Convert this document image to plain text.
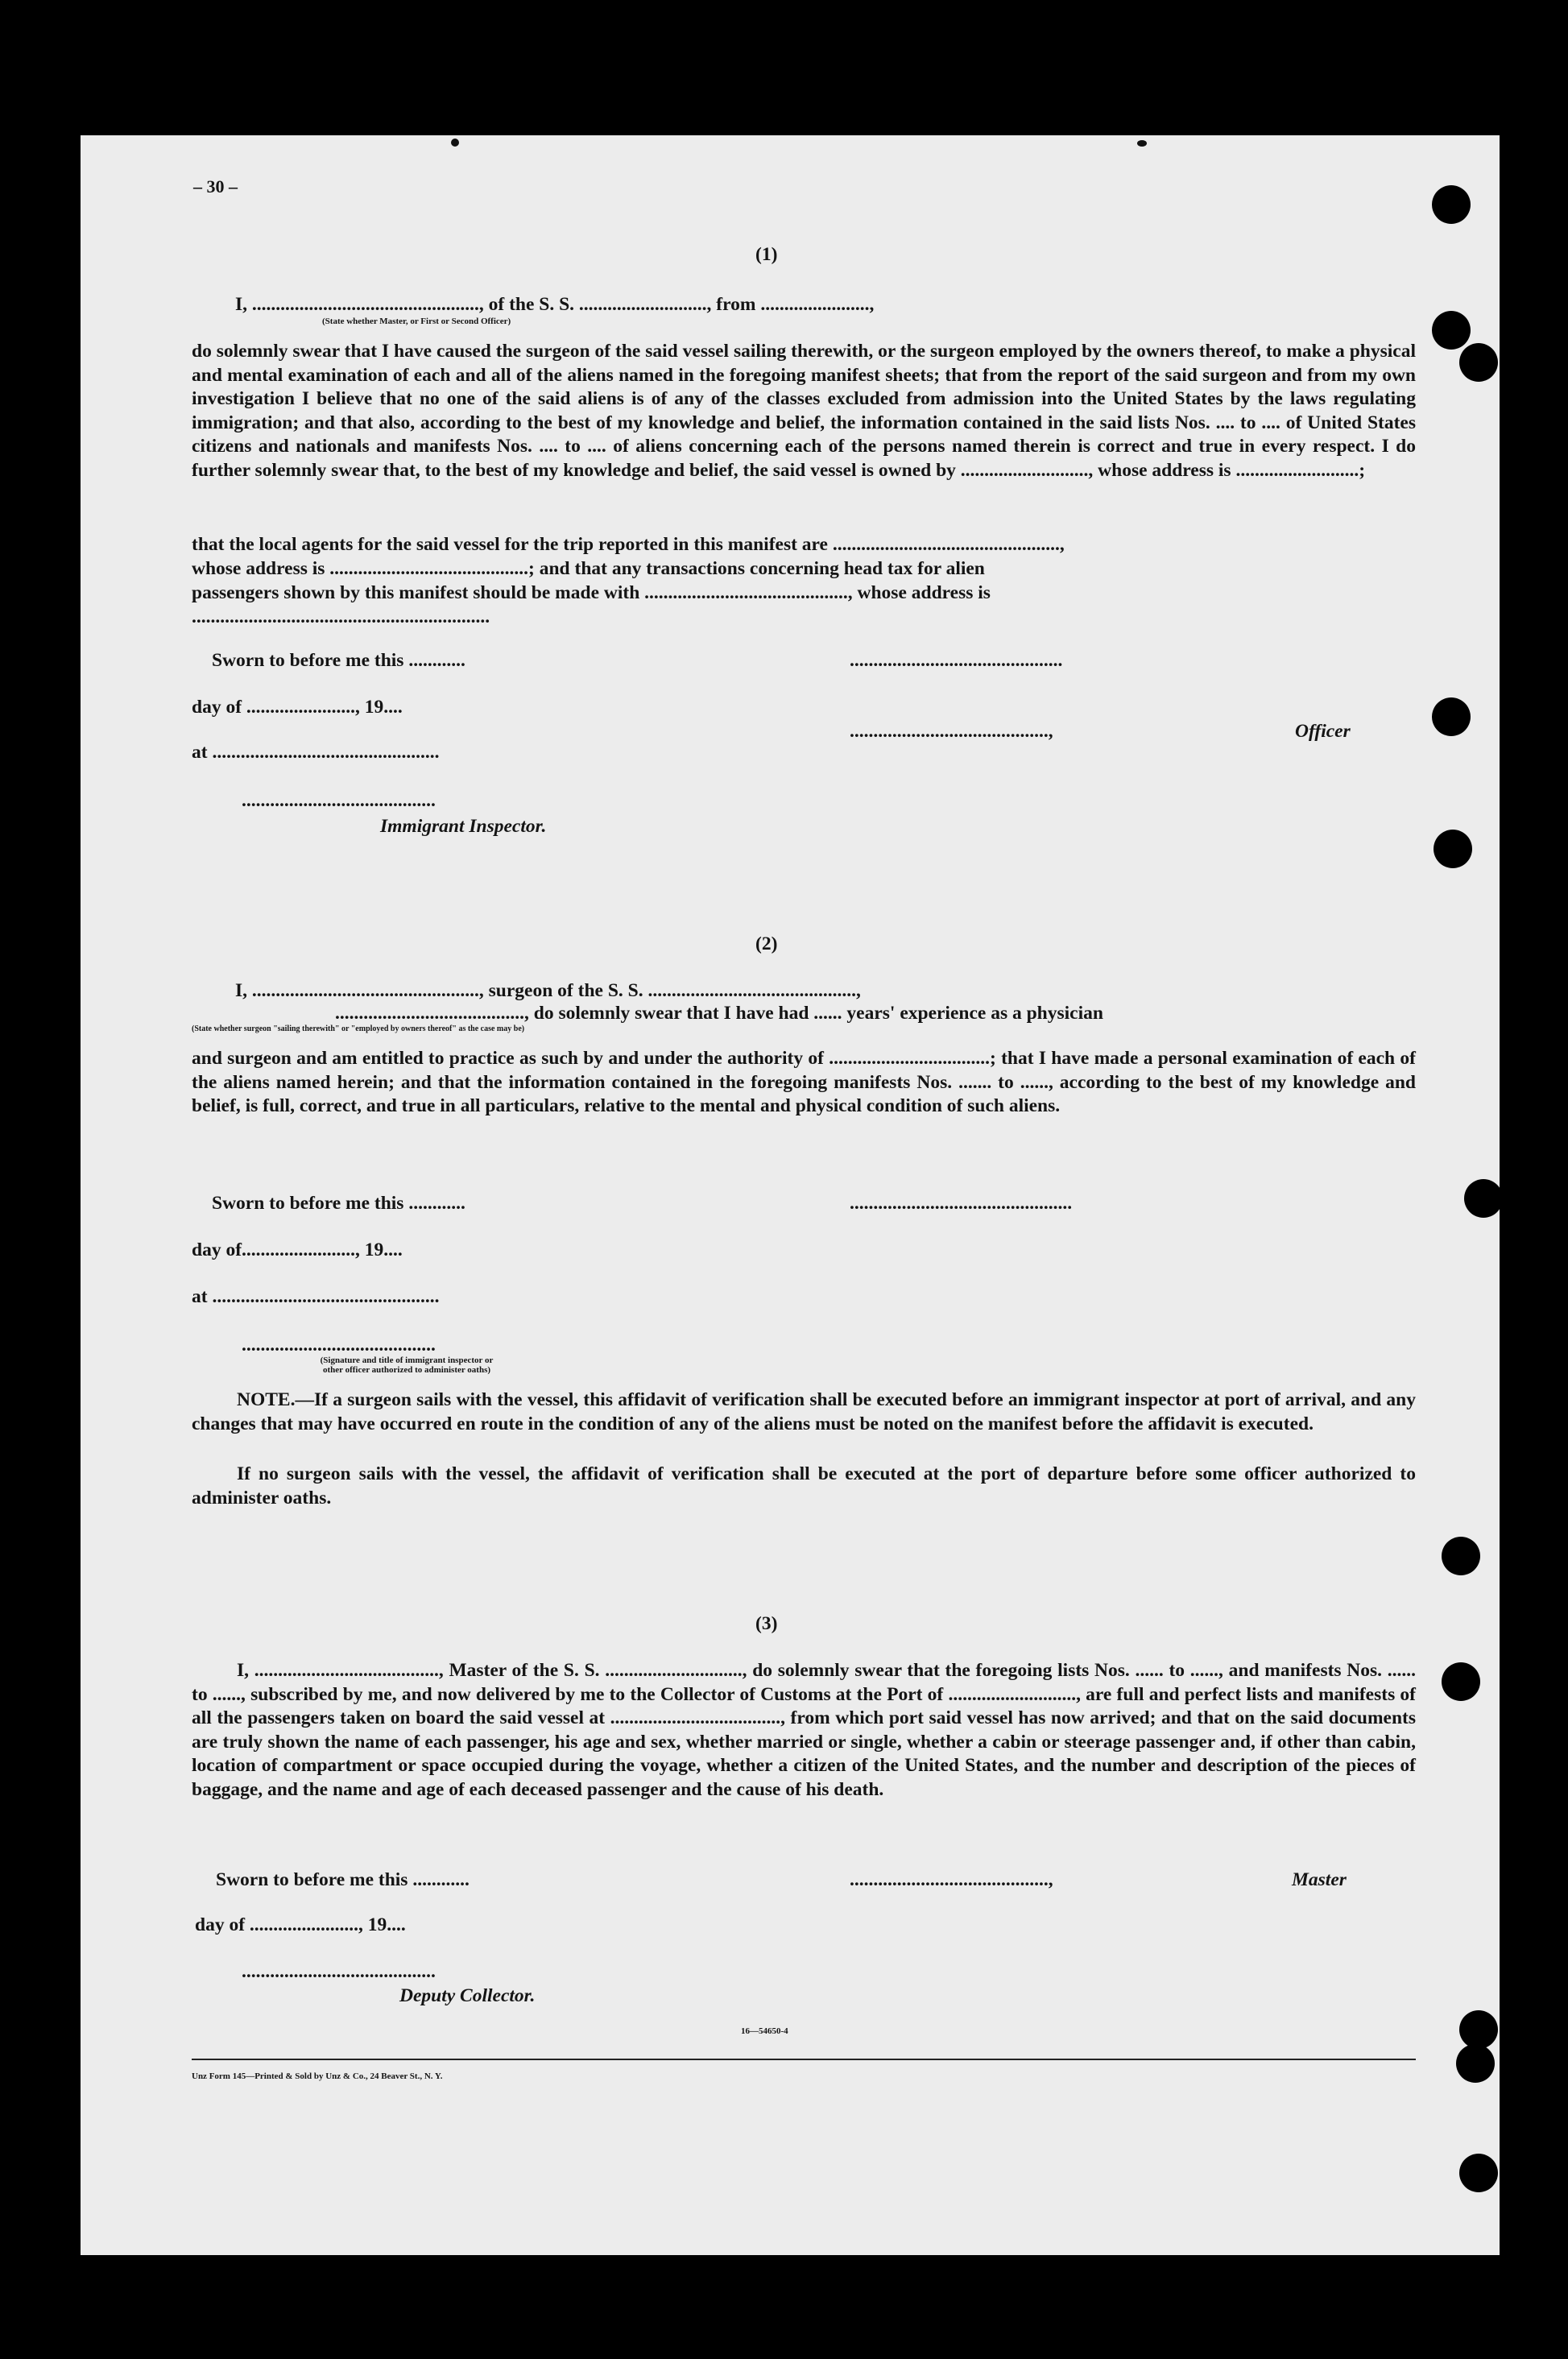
– 30 –
(1)
I, ................................................, of the S. S. ..........................., from .......................,
(State whether Master, or First or Second Officer)
do solemnly swear that I have caused the surgeon of the said vessel sailing therewith, or the surgeon employed by the owners thereof, to make a physical and mental examination of each and all of the aliens named in the foregoing manifest sheets; that from the report of the said surgeon and from my own investigation I believe that no one of the said aliens is of any of the classes excluded from admission into the United States by the laws regulating immigration; and that also, according to the best of my knowledge and belief, the information contained in the said lists Nos. .... to .... of United States citizens and nationals and manifests Nos. .... to .... of aliens concerning each of the persons named therein is correct and true in every respect. I do further solemnly swear that, to the best of my knowledge and belief, the said vessel is owned by ..........................., whose address is ..........................;
that the local agents for the said vessel for the trip reported in this manifest are ................................................,
whose address is ..........................................; and that any transactions concerning head tax for alien
passengers shown by this manifest should be made with ..........................................., whose address is
...............................................................
Sworn to before me this ............
day of ......................., 19....
at ................................................
.........................................
Immigrant Inspector.
.............................................
..........................................,	Officer
(2)
I, ................................................, surgeon of the S. S. ............................................,
........................................, do solemnly swear that I have had ...... years' experience as a physician
(State whether surgeon "sailing therewith" or "employed by owners thereof" as the case may be)
and surgeon and am entitled to practice as such by and under the authority of ..................................; that I have made a personal examination of each of the aliens named herein; and that the information contained in the foregoing manifests Nos. ....... to ......, according to the best of my knowledge and belief, is full, correct, and true in all particulars, relative to the mental and physical condition of such aliens.
Sworn to before me this ............
day of........................, 19....
at ................................................
.........................................
(Signature and title of immigrant inspector or
other officer authorized to administer oaths)
...............................................
NOTE.—If a surgeon sails with the vessel, this affidavit of verification shall be executed before an immigrant inspector at port of arrival, and any changes that may have occurred en route in the condition of any of the aliens must be noted on the manifest before the affidavit is executed.
If no surgeon sails with the vessel, the affidavit of verification shall be executed at the port of departure before some officer authorized to administer oaths.
(3)
I, ......................................., Master of the S. S. ............................., do solemnly swear that the foregoing lists Nos. ...... to ......, and manifests Nos. ...... to ......, subscribed by me, and now delivered by me to the Collector of Customs at the Port of ..........................., are full and perfect lists and manifests of all the passengers taken on board the said vessel at ...................................., from which port said vessel has now arrived; and that on the said documents are truly shown the name of each passenger, his age and sex, whether married or single, whether a cabin or steerage passenger and, if other than cabin, location of compartment or space occupied during the voyage, whether a citizen of the United States, and the number and description of the pieces of baggage, and the name and age of each deceased passenger and the cause of his death.
Sworn to before me this ............
day of ......................., 19....
.........................................
Deputy Collector.
..........................................,	Master
16—54650-4
Unz Form 145—Printed & Sold by Unz & Co., 24 Beaver St., N. Y.
